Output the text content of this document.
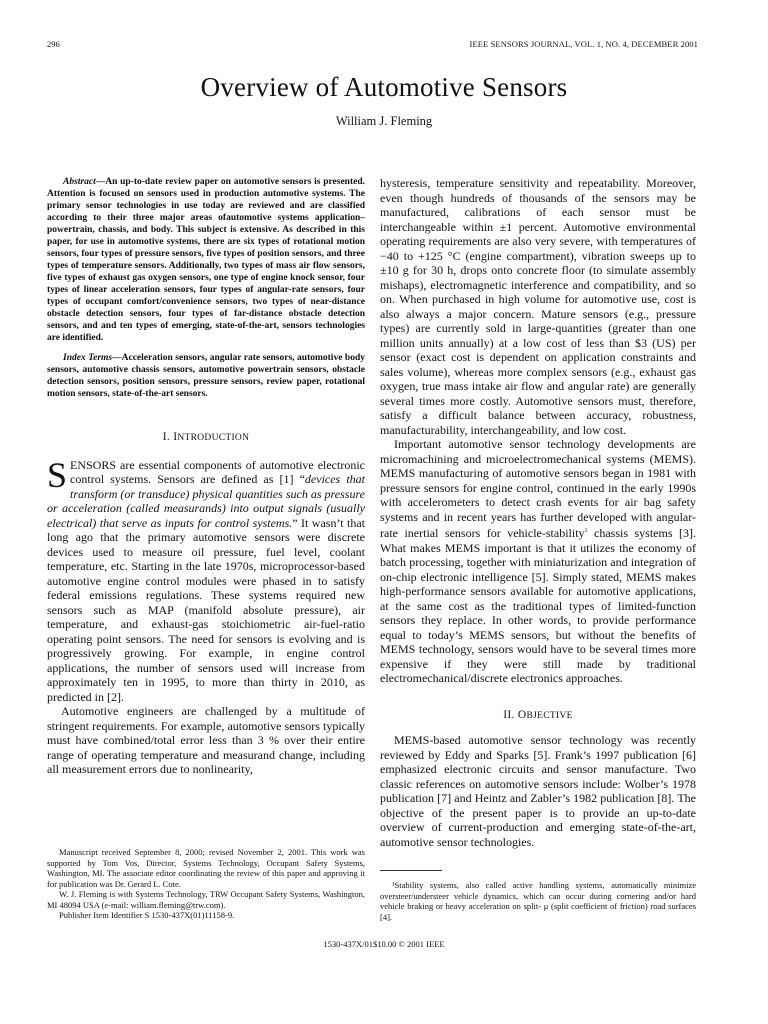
296	IEEE SENSORS JOURNAL, VOL. 1, NO. 4, DECEMBER 2001
Overview of Automotive Sensors
William J. Fleming

Abstract—An up-to-date review paper on automotive sensors is presented. Attention is focused on sensors used in production automotive systems. The primary sensor technologies in use today are reviewed and are classified according to their three major areas ofautomotive systems application–powertrain, chassis, and body. This subject is extensive. As described in this paper, for use in automotive systems, there are six types of rotational motion sensors, four types of pressure sensors, five types of position sensors, and three types of temperature sensors. Additionally, two types of mass air flow sensors, five types of exhaust gas oxygen sensors, one type of engine knock sensor, four types of linear acceleration sensors, four types of angular-rate sensors, four types of occupant comfort/convenience sensors, two types of near-distance obstacle detection sensors, four types of far-distance obstacle detection sensors, and and ten types of emerging, state-of-the-art, sensors technologies are identified.

Index Terms—Acceleration sensors, angular rate sensors, automotive body sensors, automotive chassis sensors, automotive powertrain sensors, obstacle detection sensors, position sensors, pressure sensors, review paper, rotational motion sensors, state-of-the-art sensors.

I. INTRODUCTION

SENSORS are essential components of automotive electronic control systems. Sensors are defined as [1] “devices that transform (or transduce) physical quantities such as pressure or acceleration (called measurands) into output signals (usually electrical) that serve as inputs for control systems.” It wasn’t that long ago that the primary automotive sensors were discrete devices used to measure oil pressure, fuel level, coolant temperature, etc. Starting in the late 1970s, microprocessor-based automotive engine control modules were phased in to satisfy federal emissions regulations. These systems required new sensors such as MAP (manifold absolute pressure), air temperature, and exhaust-gas stoichiometric air-fuel-ratio operating point sensors. The need for sensors is evolving and is progressively growing. For example, in engine control applications, the number of sensors used will increase from approximately ten in 1995, to more than thirty in 2010, as predicted in [2].

Automotive engineers are challenged by a multitude of stringent requirements. For example, automotive sensors typically must have combined/total error less than 3 % over their entire range of operating temperature and measurand change, including all measurement errors due to nonlinearity,

hysteresis, temperature sensitivity and repeatability. Moreover, even though hundreds of thousands of the sensors may be manufactured, calibrations of each sensor must be interchangeable within ±1 percent. Automotive environmental operating requirements are also very severe, with temperatures of −40 to +125 °C (engine compartment), vibration sweeps up to ±10 g for 30 h, drops onto concrete floor (to simulate assembly mishaps), electromagnetic interference and compatibility, and so on. When purchased in high volume for automotive use, cost is also always a major concern. Mature sensors (e.g., pressure types) are currently sold in large-quantities (greater than one million units annually) at a low cost of less than $3 (US) per sensor (exact cost is dependent on application constraints and sales volume), whereas more complex sensors (e.g., exhaust gas oxygen, true mass intake air flow and angular rate) are generally several times more costly. Automotive sensors must, therefore, satisfy a difficult balance between accuracy, robustness, manufacturability, interchangeability, and low cost.

Important automotive sensor technology developments are micromachining and microelectromechanical systems (MEMS). MEMS manufacturing of automotive sensors began in 1981 with pressure sensors for engine control, continued in the early 1990s with accelerometers to detect crash events for air bag safety systems and in recent years has further developed with angular-rate inertial sensors for vehicle-stability$^1$ chassis systems [3]. What makes MEMS important is that it utilizes the economy of batch processing, together with miniaturization and integration of on-chip electronic intelligence [5]. Simply stated, MEMS makes high-performance sensors available for automotive applications, at the same cost as the traditional types of limited-function sensors they replace. In other words, to provide performance equal to today’s MEMS sensors, but without the benefits of MEMS technology, sensors would have to be several times more expensive if they were still made by traditional electromechanical/discrete electronics approaches.

II. OBJECTIVE

MEMS-based automotive sensor technology was recently reviewed by Eddy and Sparks [5]. Frank’s 1997 publication [6] emphasized electronic circuits and sensor manufacture. Two classic references on automotive sensors include: Wolber’s 1978 publication [7] and Heintz and Zabler’s 1982 publication [8]. The objective of the present paper is to provide an up-to-date overview of current-production and emerging state-of-the-art, automotive sensor technologies.

Manuscript received September 8, 2000; revised November 2, 2001. This work was supported by Tom Vos, Director, Systems Technology, Occupant Safety Systems, Washington, MI. The associate editor coordinating the review of this paper and approving it for publication was Dr. Gerard L. Cote.

W. J. Fleming is with Systems Technology, TRW Occupant Safety Systems, Washington, MI 48094 USA (e-mail: william.fleming@trw.com).

Publisher Item Identifier S 1530-437X(01)11158-9.

¹Stability systems, also called active handling systems, automatically minimize oversteer/understeer vehicle dynamics, which can occur during cornering and/or hard vehicle braking or heavy acceleration on split- μ (split coefficient of friction) road surfaces [4].
1530-437X/01$10.00 © 2001 IEEE
